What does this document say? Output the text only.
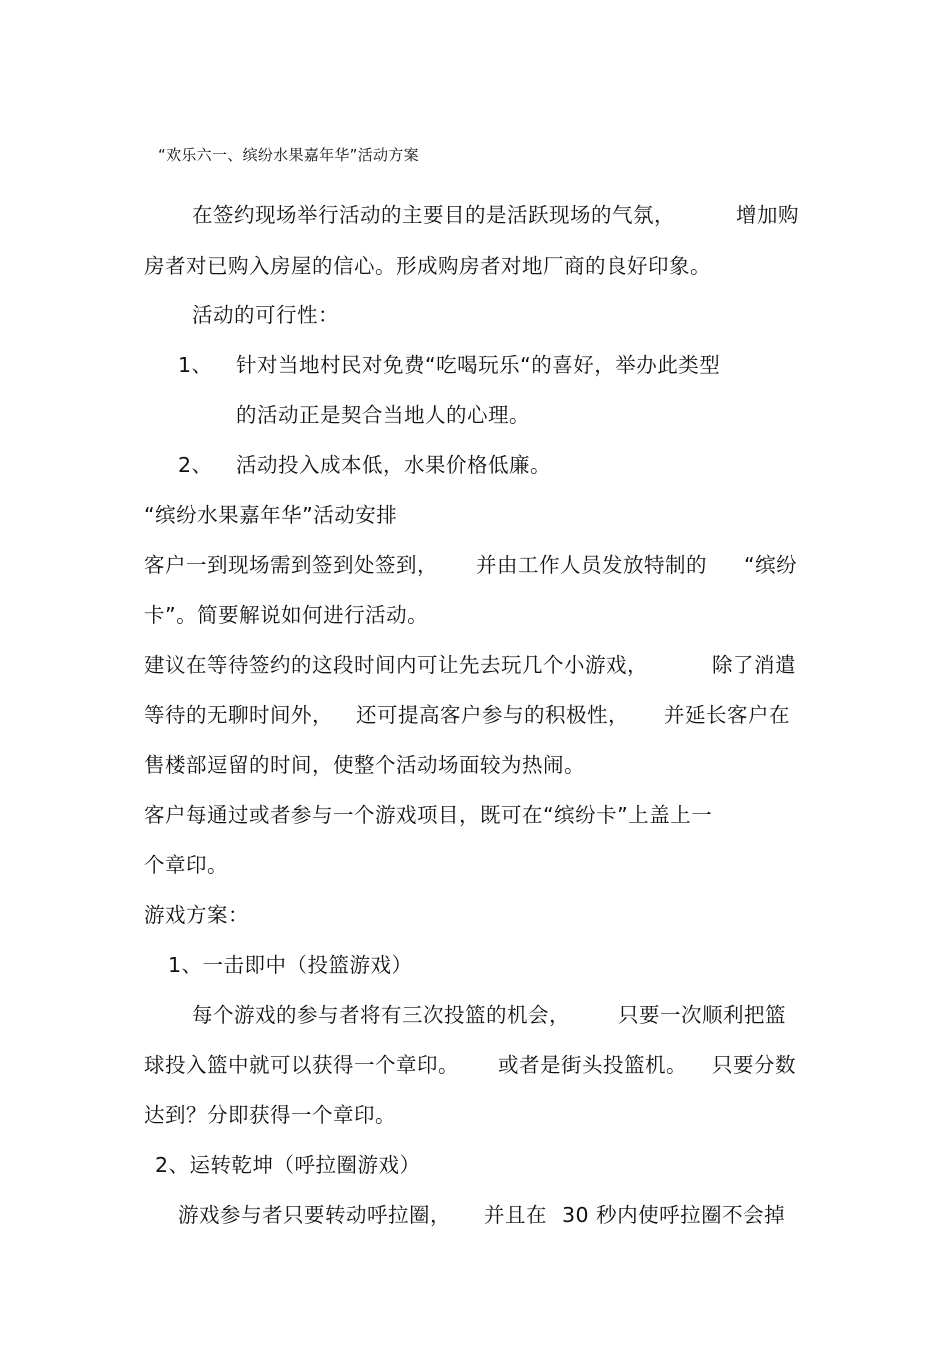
“欢乐六一、缤纷水果嘉年华”活动方案
在签约现场举行活动的主要目的是活跃现场的气氛，	增加购
房者对已购入房屋的信心。形成购房者对地厂商的良好印象。
活动的可行性：
1、 针对当地村民对免费“吃喝玩乐“的喜好，举办此类型
的活动正是契合当地人的心理。
2、 活动投入成本低，水果价格低廉。
“缤纷水果嘉年华”活动安排
客户一到现场需到签到处签到， 并由工作人员发放特制的 “缤纷
卡”。简要解说如何进行活动。
建议在等待签约的这段时间内可让先去玩几个小游戏，	除了消遣
等待的无聊时间外， 还可提高客户参与的积极性， 并延长客户在
售楼部逗留的时间，使整个活动场面较为热闹。
客户每通过或者参与一个游戏项目，既可在“缤纷卡”上盖上一
个章印。
游戏方案：
1、一击即中（投篮游戏）
每个游戏的参与者将有三次投篮的机会， 只要一次顺利把篮
球投入篮中就可以获得一个章印。 或者是街头投篮机。 只要分数
达到？分即获得一个章印。
2、运转乾坤（呼拉圈游戏）
游戏参与者只要转动呼拉圈， 并且在 30 秒内使呼拉圈不会掉
